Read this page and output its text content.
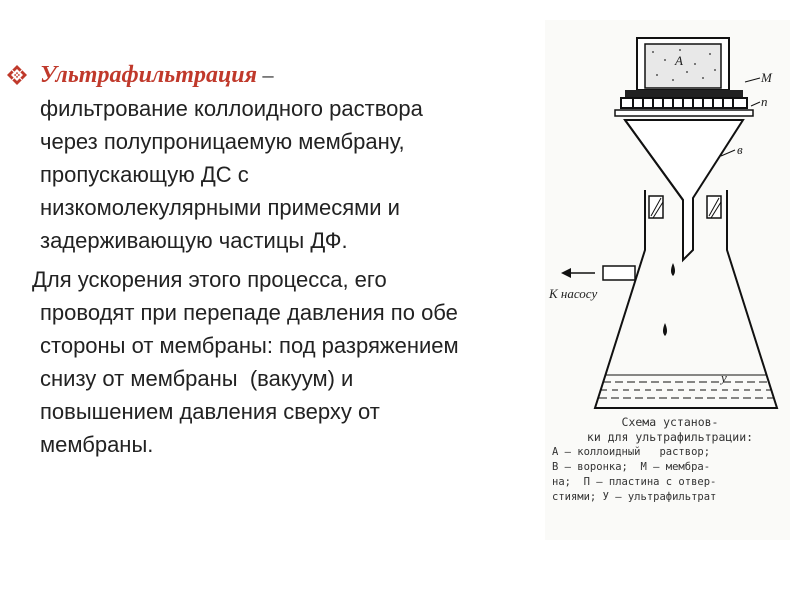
Ультрафильтрация –
фильтрование коллоидного раствора
через полупроницаемую мембрану,
пропускающую ДС с
низкомолекулярными примесями и
задерживающую частицы ДФ.

Для ускорения этого процесса, его
проводят при перепаде давления по обе
стороны от мембраны: под разряжением
снизу от мембраны  (вакуум) и
повышением давления сверху от
мембраны.

А
М
п
в
у
К насосу
Схема установ-
ки для ультрафильтрации:
А — коллоидный   раствор;
В — воронка;  М — мембра-
на;  П — пластина с отвер-
стиями; У — ультрафильтрат
